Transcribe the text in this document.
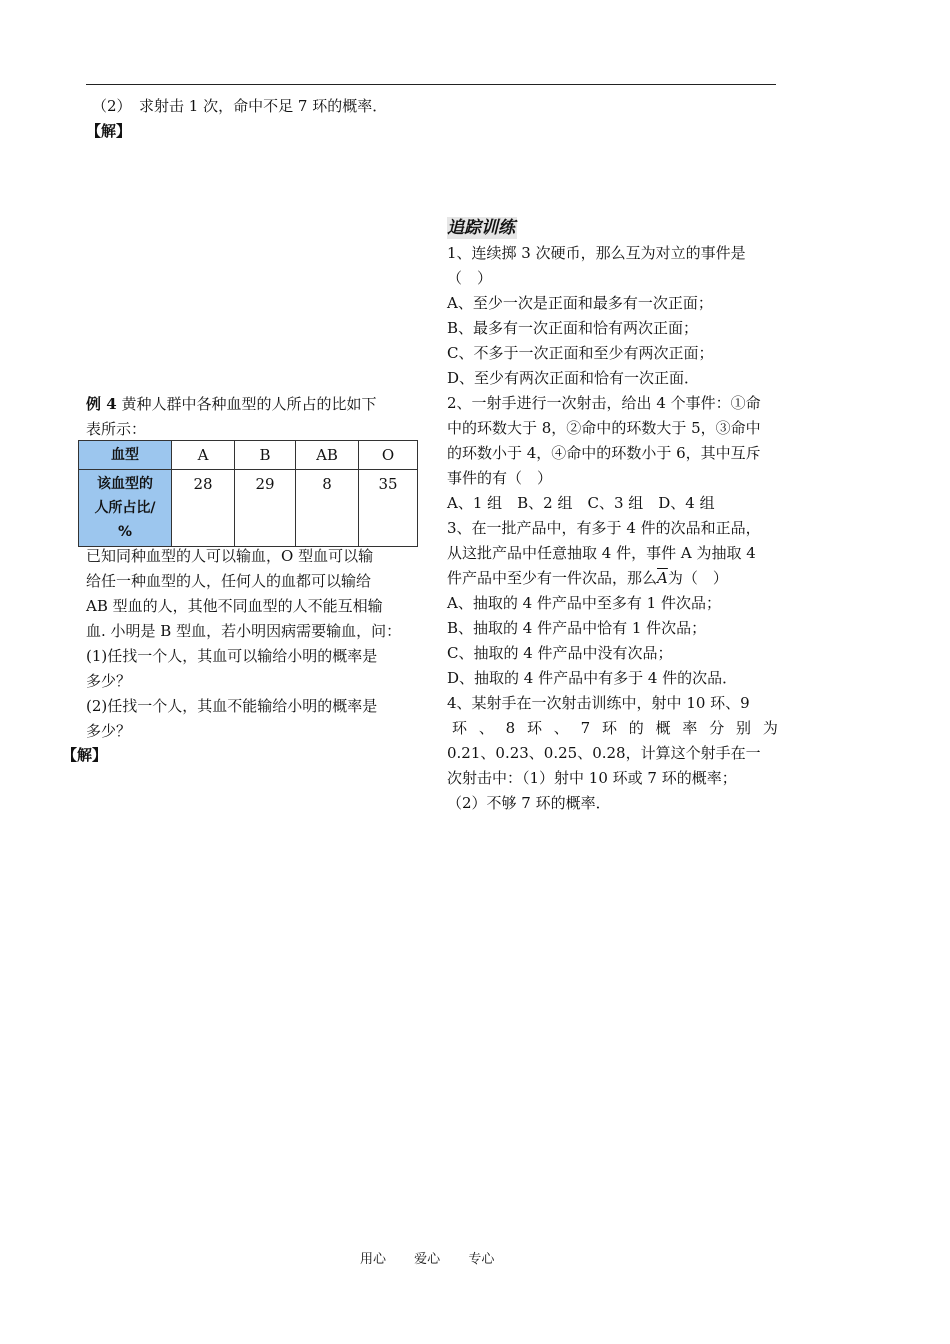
（2）　求射击 1 次，命中不足 7 环的概率．
【解】
例 4 黄种人群中各种血型的人所占的比如下
表所示：
血型	A	B	AB	O

该血型的
人所占比/
%	28	29	8	35
已知同种血型的人可以输血，O 型血可以输
给任一种血型的人，任何人的血都可以输给
AB 型血的人，其他不同血型的人不能互相输
血. 小明是 B 型血，若小明因病需要输血，问：
(1)任找一个人，其血可以输给小明的概率是
多少？
(2)任找一个人，其血不能输给小明的概率是
多少？
【解】
追踪训练
1、连续掷 3 次硬币，那么互为对立的事件是
（　）
A、至少一次是正面和最多有一次正面；
B、最多有一次正面和恰有两次正面；
C、不多于一次正面和至少有两次正面；
D、至少有两次正面和恰有一次正面．
2、一射手进行一次射击，给出 4 个事件：①命
中的环数大于 8，②命中的环数大于 5，③命中
的环数小于 4，④命中的环数小于 6，其中互斥
事件的有（　）
A、1 组　B、2 组　C、3 组　D、4 组
3、在一批产品中，有多于 4 件的次品和正品，
从这批产品中任意抽取 4 件，事件 A 为抽取 4
件产品中至少有一件次品，那么$\overline{A}$为（　）
A、抽取的 4 件产品中至多有 1 件次品；
B、抽取的 4 件产品中恰有 1 件次品；
C、抽取的 4 件产品中没有次品；
D、抽取的 4 件产品中有多于 4 件的次品．
4、某射手在一次射击训练中，射中 10 环、9
环 、 8 环 、 7 环 的 概 率 分 别 为
0.21、0.23、0.25、0.28，计算这个射手在一
次射击中：（1）射中 10 环或 7 环的概率；
（2）不够 7 环的概率．
用心 爱心 专心
